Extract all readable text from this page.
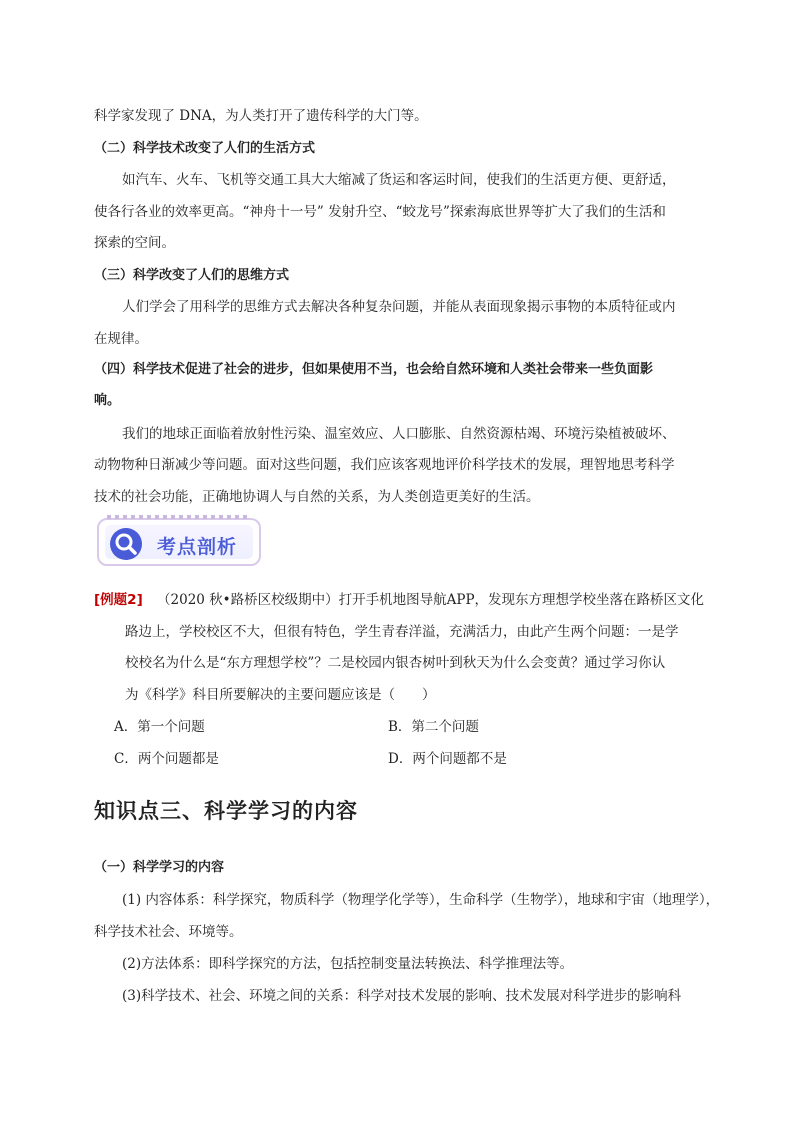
科学家发现了 DNA，为人类打开了遗传科学的大门等。
（二）科学技术改变了人们的生活方式
如汽车、火车、飞机等交通工具大大缩减了货运和客运时间，使我们的生活更方便、更舒适，
使各行各业的效率更高。“神舟十一号” 发射升空、“蛟龙号”探索海底世界等扩大了我们的生活和
探索的空间。
（三）科学改变了人们的思维方式
人们学会了用科学的思维方式去解决各种复杂问题，并能从表面现象揭示事物的本质特征或内
在规律。
（四）科学技术促进了社会的进步，但如果使用不当，也会给自然环境和人类社会带来一些负面影
响。
我们的地球正面临着放射性污染、温室效应、人口膨胀、自然资源枯竭、环境污染植被破坏、
动物物种日渐减少等问题。面对这些问题，我们应该客观地评价科学技术的发展，理智地思考科学
技术的社会功能，正确地协调人与自然的关系，为人类创造更美好的生活。
考点剖析
[例题2] （2020 秋•路桥区校级期中）打开手机地图导航APP，发现东方理想学校坐落在路桥区文化
路边上，学校校区不大，但很有特色，学生青春洋溢，充满活力，由此产生两个问题：一是学
校校名为什么是“东方理想学校”？二是校园内银杏树叶到秋天为什么会变黄？通过学习你认
为《科学》科目所要解决的主要问题应该是（　　）
A．第一个问题	B．第二个问题
C．两个问题都是	D．两个问题都不是
知识点三、科学学习的内容
（一）科学学习的内容
(1) 内容体系：科学探究，物质科学（物理学化学等），生命科学（生物学），地球和宇宙（地理学），
科学技术社会、环境等。
(2)方法体系：即科学探究的方法，包括控制变量法转换法、科学推理法等。
(3)科学技术、社会、环境之间的关系：科学对技术发展的影响、技术发展对科学进步的影响科
